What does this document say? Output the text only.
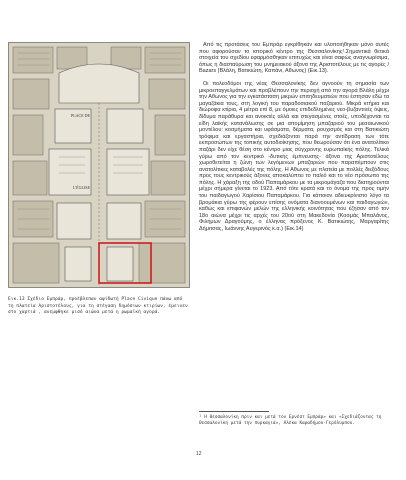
PLACE DE
L'ÉGLISE
Εικ.13 Σχέδιο Εμπράρ, προέβλεπαν αψίδωτή Place Civique πάνω από τη πλατεία Αριστοτέλους, για τη στέγαση δημόσιων κτιρίων, έμεινεν στο χαρτιά , ανεμφθηκε μισό αιώνα μετά η ρωμαϊκή αγορά.

Από τις προτάσεις του Εμπράρ εγκρίθηκαν και υλοποιήθηκαν μόνο αυτές που αφορούσαν το ιστορικό κέντρο της Θεσσαλονίκης¹.Σημαντικά θετικά στοιχεία του σχεδίου εφαρμόσθηκαν επιτυχώς και είναι σαφώς αναγνωρίσιμα, όπως η διασταύρωση του μνημειακού άξονα της Αριστοτέλους με τις αγορές / Bazars (Βλάλη, Βατικιώτη, Καπάνι, Αθωνος) (Εικ.13).

Οι πολεοδόμοι της νέας Θεσσαλονίκης δεν αγνοούν τη σημασία των μικροεπαγγελμάτων και προβλέπουν την περιοχή από την αγορά Βλάλη μέχρι την Αθωνος για την εγκατάσταση μικρών επιτηδευματιών που έστησαν εδώ τα μαγαζάκια τους, στη λογική του παραδοσιακού παζαριού. Μικρά κτήρια και διώροφα κτίρια, 4 μέτρα επί 8, με όμοιες επιδεδλημένες νεο-βυζαντινές όψεις, δίδυμα παράθυρα και ανοικτές αλλά και στεγασμένες στοές, υποδέχονται τα είδη λαϊκής κατανάλωσης σε μια απομίμηση μπαζαριού του μεσαιωνικού μοντέλου: κοσμήματα και υφάσματα, δέρματα, ρουχισμός και στη Βατικιώτη τρόφιμα και εργαστήρια, σχεδιάζονται παρά την αντίδραση των τότε εκπροσώπων της τοπικής αυτοδιοίκησης, που θεωρούσαν ότι ένα ανατολίτικο παζάρι δεν είχε θέση στο κέντρο μιας σύγχρονης ευρωπαϊκής πόλης. Τελικά γύρω από τον κεντρικό -δυτικής έμπνευσης- άξονα της Αριστοτέλους χωροθετείται η ζώνη των λεγόμενων μπαζαριών που παραπέμπουν στις ανατολίτικες καταβολές της πόλης. Η Αθωνος με πλατεία με πολλές διεξόδους προς τους κεντρικούς άξονες αποκαλύπτει το παλιό και το νέο πρόσωπο της πόλης. Η χάραξη της οδού Παπαμάρκου με τα μικρομάγαζα που διατηρούνται μέχρι σήμερα γίνεται το 1923. Από τότε κρατά και το όνομα της προς τιμήν του παιδαγωγού Χαρίσιου Παπαμάρκου. Για κάποιον αδιευκρίνιστο λόγο τα βρομάκια γύρω της φέρουν επίσης ονόματα διανοουμένων και παιδαγωγών, καθώς και επιφανών μελών της ελληνικής κοινότητας που έζησαν από τον 18ο αιώνα μέχρι τις αρχές του 20ού στη Μακεδονία (Κοσμάς Μπαλάνος, Φιλήμων Δραγούμης, ο έλληνας πρόξενος Κ. Βατικιώτης, Μαργαρίτης Δήμιτσας, Ιωάννης Αυγερινός κ.α.) (Εικ.14)

¹ Η Θεσσαλονίκη πριν και μετά τον Ερνέστ Εμπράρ» και «Σχεδιάζοντας τη Θεσσαλονίκη μετά την πυρκαγιά», Αλέκα Καραδήμου-Γερόλυμπου.
12
